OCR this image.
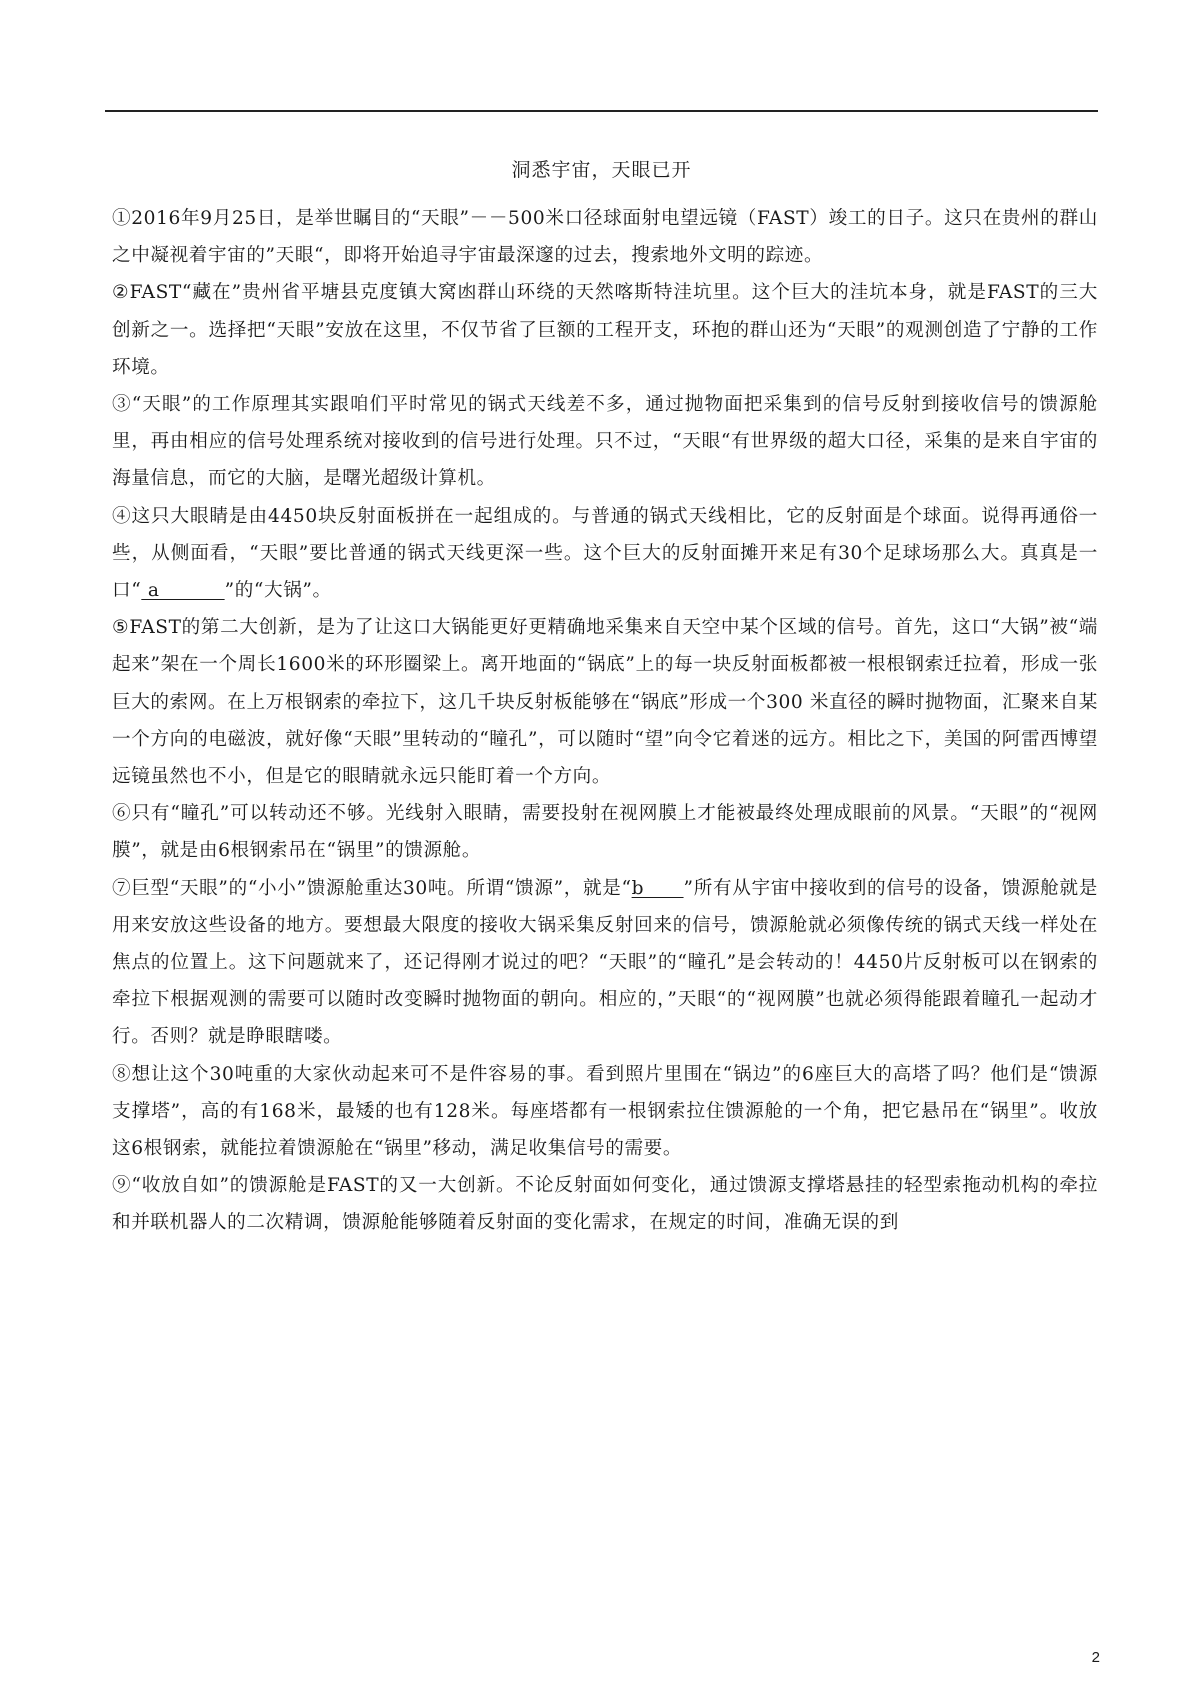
洞悉宇宙，天眼已开

①2016年9月25日，是举世瞩目的“天眼”－－500米口径球面射电望远镜（FAST）竣工的日子。这只在贵州的群山之中凝视着宇宙的”天眼“，即将开始追寻宇宙最深邃的过去，搜索地外文明的踪迹。

②FAST“藏在”贵州省平塘县克度镇大窝凼群山环绕的天然喀斯特洼坑里。这个巨大的洼坑本身，就是FAST的三大创新之一。选择把“天眼”安放在这里，不仅节省了巨额的工程开支，环抱的群山还为“天眼”的观测创造了宁静的工作环境。

③“天眼”的工作原理其实跟咱们平时常见的锅式天线差不多，通过抛物面把采集到的信号反射到接收信号的馈源舱里，再由相应的信号处理系统对接收到的信号进行处理。只不过，“天眼“有世界级的超大口径，采集的是来自宇宙的海量信息，而它的大脑，是曙光超级计算机。

④这只大眼睛是由4450块反射面板拼在一起组成的。与普通的锅式天线相比，它的反射面是个球面。说得再通俗一些，从侧面看，“天眼”要比普通的锅式天线更深一些。这个巨大的反射面摊开来足有30个足球场那么大。真真是一口“ a          ”的“大锅”。

⑤FAST的第二大创新，是为了让这口大锅能更好更精确地采集来自天空中某个区域的信号。首先，这口“大锅”被“端起来”架在一个周长1600米的环形圈梁上。离开地面的“锅底”上的每一块反射面板都被一根根钢索迁拉着，形成一张巨大的索网。在上万根钢索的牵拉下，这几千块反射板能够在“锅底”形成一个300 米直径的瞬时抛物面，汇聚来自某一个方向的电磁波，就好像“天眼”里转动的“瞳孔”，可以随时“望”向令它着迷的远方。相比之下，美国的阿雷西博望远镜虽然也不小，但是它的眼睛就永远只能盯着一个方向。

⑥只有“瞳孔”可以转动还不够。光线射入眼睛，需要投射在视网膜上才能被最终处理成眼前的风景。“天眼”的“视网膜”，就是由6根钢索吊在“锅里”的馈源舱。

⑦巨型“天眼”的“小小”馈源舱重达30吨。所谓“馈源”，就是“b      ”所有从宇宙中接收到的信号的设备，馈源舱就是用来安放这些设备的地方。要想最大限度的接收大锅采集反射回来的信号，馈源舱就必须像传统的锅式天线一样处在焦点的位置上。这下问题就来了，还记得刚才说过的吧？“天眼”的“瞳孔”是会转动的！4450片反射板可以在钢索的牵拉下根据观测的需要可以随时改变瞬时抛物面的朝向。相应的，”天眼“的“视网膜”也就必须得能跟着瞳孔一起动才行。否则？就是睁眼瞎喽。

⑧想让这个30吨重的大家伙动起来可不是件容易的事。看到照片里围在“锅边”的6座巨大的高塔了吗？他们是“馈源支撑塔”，高的有168米，最矮的也有128米。每座塔都有一根钢索拉住馈源舱的一个角，把它悬吊在“锅里”。收放这6根钢索，就能拉着馈源舱在“锅里”移动，满足收集信号的需要。

⑨“收放自如”的馈源舱是FAST的又一大创新。不论反射面如何变化，通过馈源支撑塔悬挂的轻型索拖动机构的牵拉和并联机器人的二次精调，馈源舱能够随着反射面的变化需求，在规定的时间，准确无误的到

2
